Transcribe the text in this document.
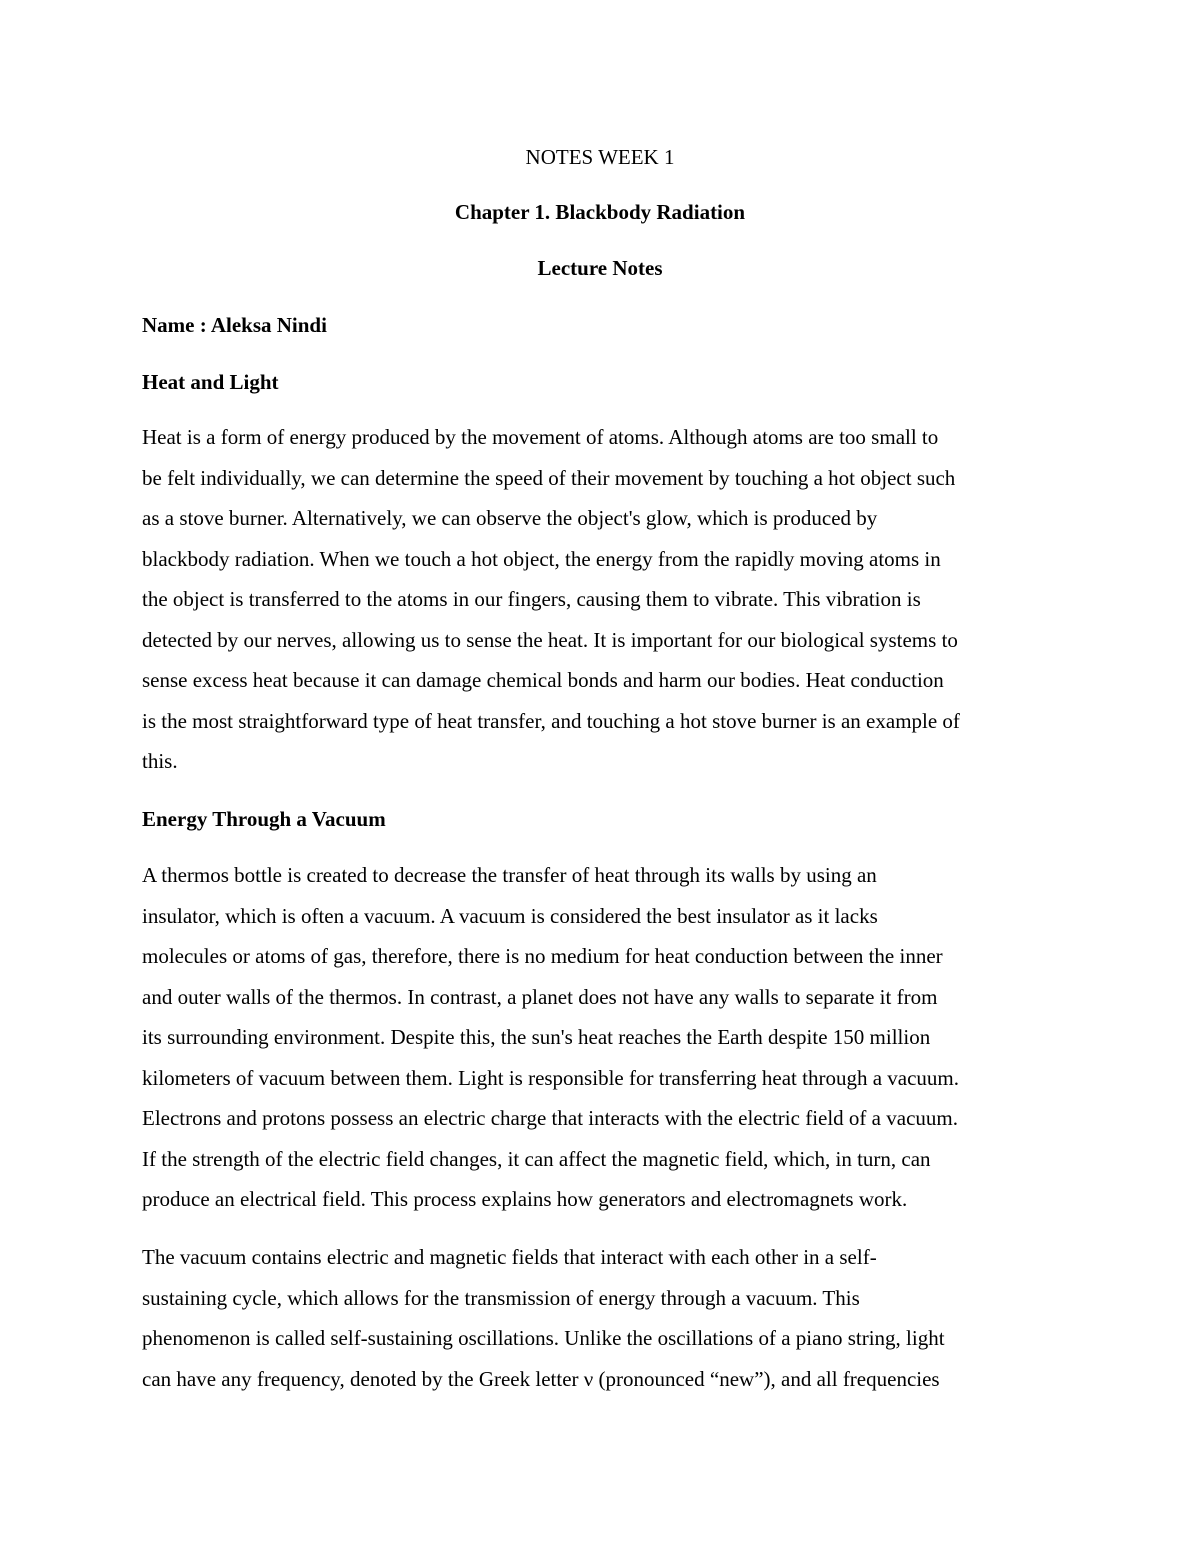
NOTES WEEK 1

Chapter 1. Blackbody Radiation

Lecture Notes

Name : Aleksa Nindi

Heat and Light

Heat is a form of energy produced by the movement of atoms. Although atoms are too small to
be felt individually, we can determine the speed of their movement by touching a hot object such
as a stove burner. Alternatively, we can observe the object's glow, which is produced by
blackbody radiation. When we touch a hot object, the energy from the rapidly moving atoms in
the object is transferred to the atoms in our fingers, causing them to vibrate. This vibration is
detected by our nerves, allowing us to sense the heat. It is important for our biological systems to
sense excess heat because it can damage chemical bonds and harm our bodies. Heat conduction
is the most straightforward type of heat transfer, and touching a hot stove burner is an example of
this.

Energy Through a Vacuum

A thermos bottle is created to decrease the transfer of heat through its walls by using an
insulator, which is often a vacuum. A vacuum is considered the best insulator as it lacks
molecules or atoms of gas, therefore, there is no medium for heat conduction between the inner
and outer walls of the thermos. In contrast, a planet does not have any walls to separate it from
its surrounding environment. Despite this, the sun's heat reaches the Earth despite 150 million
kilometers of vacuum between them. Light is responsible for transferring heat through a vacuum.
Electrons and protons possess an electric charge that interacts with the electric field of a vacuum.
If the strength of the electric field changes, it can affect the magnetic field, which, in turn, can
produce an electrical field. This process explains how generators and electromagnets work.
The vacuum contains electric and magnetic fields that interact with each other in a self-
sustaining cycle, which allows for the transmission of energy through a vacuum. This
phenomenon is called self-sustaining oscillations. Unlike the oscillations of a piano string, light
can have any frequency, denoted by the Greek letter ν (pronounced “new”), and all frequencies
